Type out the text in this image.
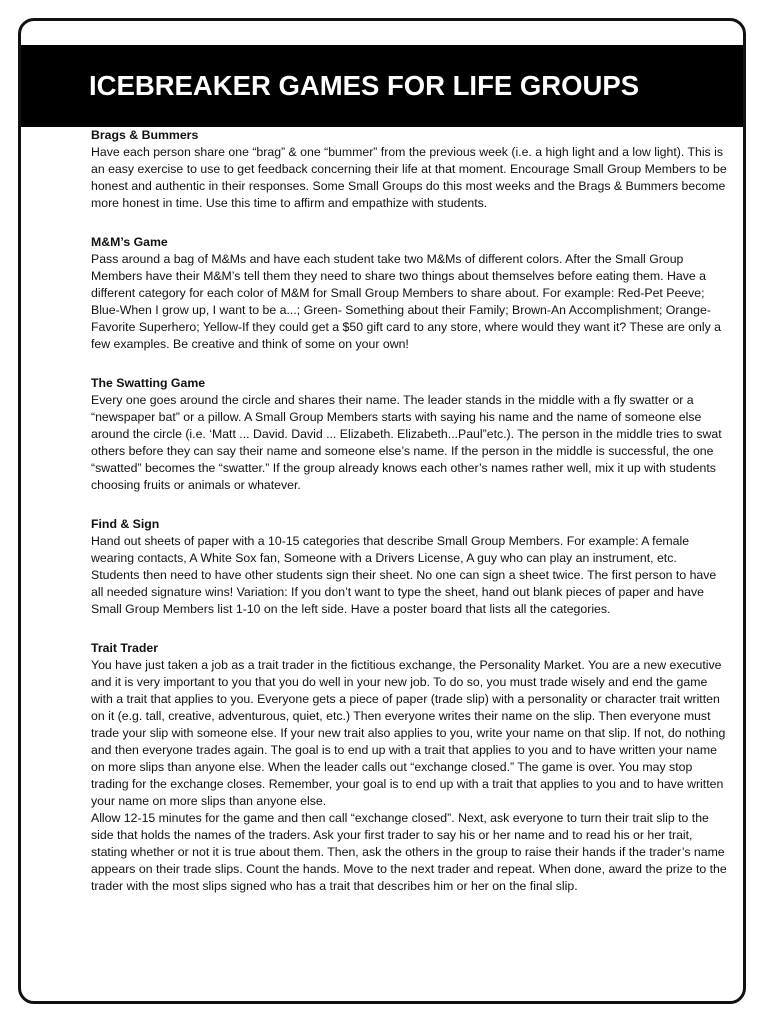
ICEBREAKER GAMES FOR LIFE GROUPS

Brags & Bummers

Have each person share one “brag” & one “bummer” from the previous week (i.e. a high light and a low light). This is an easy exercise to use to get feedback concerning their life at that moment. Encourage Small Group Members to be honest and authentic in their responses. Some Small Groups do this most weeks and the Brags & Bummers become more honest in time. Use this time to affirm and empathize with students.

M&M’s Game

Pass around a bag of M&Ms and have each student take two M&Ms of different colors. After the Small Group Members have their M&M’s tell them they need to share two things about themselves before eating them. Have a different category for each color of M&M for Small Group Members to share about. For example: Red-Pet Peeve; Blue-When I grow up, I want to be a...; Green- Something about their Family; Brown-An Accomplishment; Orange-Favorite Superhero; Yellow-If they could get a $50 gift card to any store, where would they want it? These are only a few examples. Be creative and think of some on your own!

The Swatting Game

Every one goes around the circle and shares their name. The leader stands in the middle with a fly swatter or a “newspaper bat” or a pillow. A Small Group Members starts with saying his name and the name of someone else around the circle (i.e. ‘Matt ... David. David ... Elizabeth. Elizabeth...Paul”etc.). The person in the middle tries to swat others before they can say their name and someone else’s name. If the person in the middle is successful, the one “swatted” becomes the “swatter.” If the group already knows each other’s names rather well, mix it up with students choosing fruits or animals or whatever.

Find & Sign

Hand out sheets of paper with a 10-15 categories that describe Small Group Members. For example: A female wearing contacts, A White Sox fan, Someone with a Drivers License, A guy who can play an instrument, etc. Students then need to have other students sign their sheet. No one can sign a sheet twice. The first person to have all needed signature wins! Variation: If you don’t want to type the sheet, hand out blank pieces of paper and have Small Group Members list 1-10 on the left side. Have a poster board that lists all the categories.

Trait Trader

You have just taken a job as a trait trader in the fictitious exchange, the Personality Market. You are a new executive and it is very important to you that you do well in your new job. To do so, you must trade wisely and end the game with a trait that applies to you. Everyone gets a piece of paper (trade slip) with a personality or character trait written on it (e.g. tall, creative, adventurous, quiet, etc.) Then everyone writes their name on the slip. Then everyone must trade your slip with someone else. If your new trait also applies to you, write your name on that slip. If not, do nothing and then everyone trades again. The goal is to end up with a trait that applies to you and to have written your name on more slips than anyone else. When the leader calls out “exchange closed.” The game is over. You may stop trading for the exchange closes. Remember, your goal is to end up with a trait that applies to you and to have written your name on more slips than anyone else.

Allow 12-15 minutes for the game and then call “exchange closed”. Next, ask everyone to turn their trait slip to the side that holds the names of the traders. Ask your first trader to say his or her name and to read his or her trait, stating whether or not it is true about them. Then, ask the others in the group to raise their hands if the trader’s name appears on their trade slips. Count the hands. Move to the next trader and repeat. When done, award the prize to the trader with the most slips signed who has a trait that describes him or her on the final slip.
